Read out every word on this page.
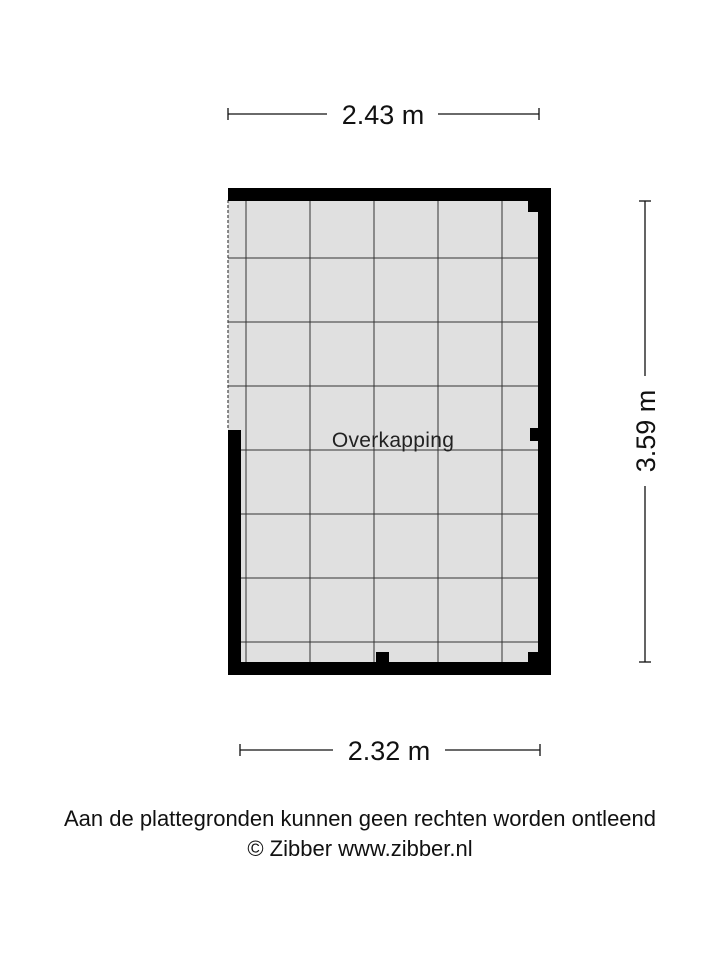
Overkapping
2.43 m
3.59 m
2.32 m
Aan de plattegronden kunnen geen rechten worden ontleend
© Zibber www.zibber.nl
